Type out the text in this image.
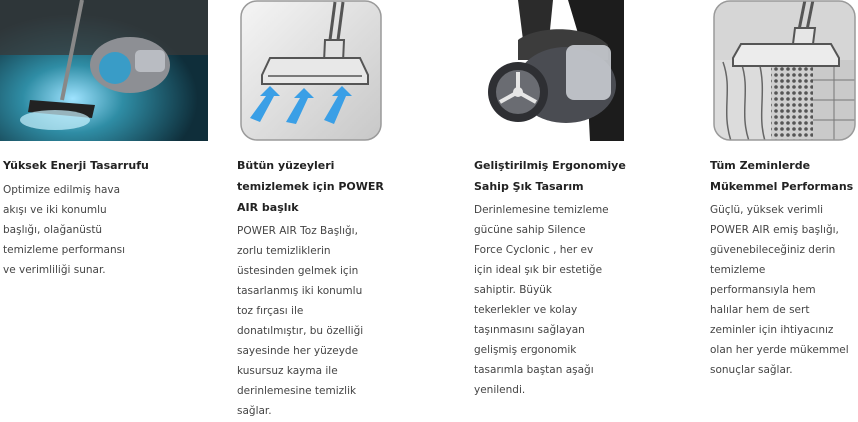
Yüksek Enerji Tasarrufu
Optimize edilmiş hava
akışı ve iki konumlu
başlığı, olağanüstü
temizleme performansı
ve verimliliği sunar.
Bütün yüzeyleri
temizlemek için POWER
AIR başlık
POWER AIR Toz Başlığı,
zorlu temizliklerin
üstesinden gelmek için
tasarlanmış iki konumlu
toz fırçası ile
donatılmıştır, bu özelliği
sayesinde her yüzeyde
kusursuz kayma ile
derinlemesine temizlik
sağlar.
Geliştirilmiş Ergonomiye
Sahip Şık Tasarım
Derinlemesine temizleme
gücüne sahip Silence
Force Cyclonic , her ev
için ideal şık bir estetiğe
sahiptir. Büyük
tekerlekler ve kolay
taşınmasını sağlayan
gelişmiş ergonomik
tasarımla baştan aşağı
yenilendi.
Tüm Zeminlerde
Mükemmel Performans
Güçlü, yüksek verimli
POWER AIR emiş başlığı,
güvenebileceğiniz derin
temizleme
performansıyla hem
halılar hem de sert
zeminler için ihtiyacınız
olan her yerde mükemmel
sonuçlar sağlar.
